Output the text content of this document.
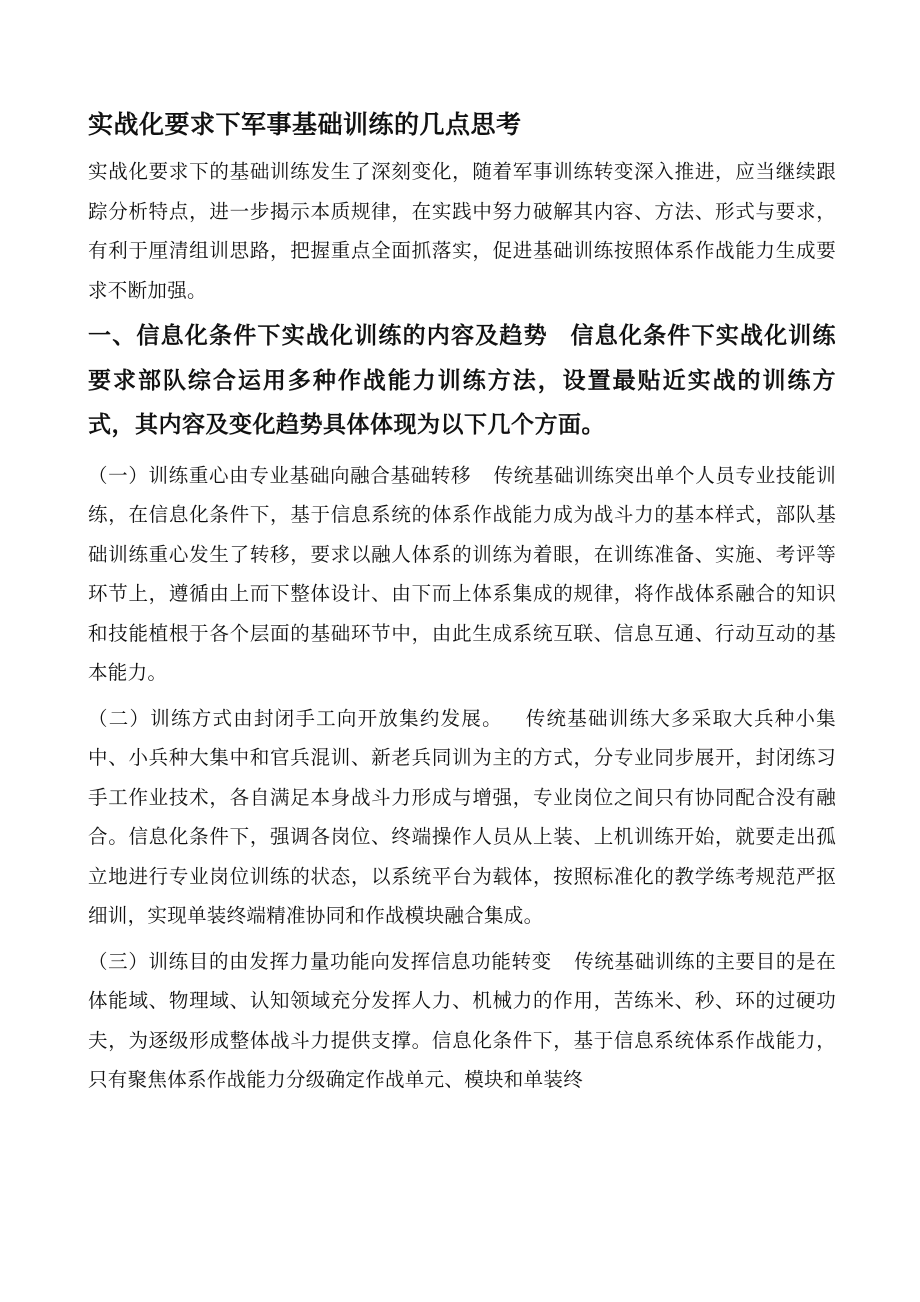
实战化要求下军事基础训练的几点思考

实战化要求下的基础训练发生了深刻变化，随着军事训练转变深入推进，应当继续跟踪分析特点，进一步揭示本质规律，在实践中努力破解其内容、方法、形式与要求，有利于厘清组训思路，把握重点全面抓落实，促进基础训练按照体系作战能力生成要求不断加强。

一、信息化条件下实战化训练的内容及趋势 信息化条件下实战化训练要求部队综合运用多种作战能力训练方法，设置最贴近实战的训练方式，其内容及变化趋势具体体现为以下几个方面。

（一）训练重心由专业基础向融合基础转移 传统基础训练突出单个人员专业技能训练，在信息化条件下，基于信息系统的体系作战能力成为战斗力的基本样式，部队基础训练重心发生了转移，要求以融人体系的训练为着眼，在训练准备、实施、考评等环节上，遵循由上而下整体设计、由下而上体系集成的规律，将作战体系融合的知识和技能植根于各个层面的基础环节中，由此生成系统互联、信息互通、行动互动的基本能力。

（二）训练方式由封闭手工向开放集约发展。 传统基础训练大多采取大兵种小集中、小兵种大集中和官兵混训、新老兵同训为主的方式，分专业同步展开，封闭练习手工作业技术，各自满足本身战斗力形成与增强，专业岗位之间只有协同配合没有融合。信息化条件下，强调各岗位、终端操作人员从上装、上机训练开始，就要走出孤立地进行专业岗位训练的状态，以系统平台为载体，按照标准化的教学练考规范严抠细训，实现单装终端精准协同和作战模块融合集成。

（三）训练目的由发挥力量功能向发挥信息功能转变 传统基础训练的主要目的是在体能域、物理域、认知领域充分发挥人力、机械力的作用，苦练米、秒、环的过硬功夫，为逐级形成整体战斗力提供支撑。信息化条件下，基于信息系统体系作战能力，只有聚焦体系作战能力分级确定作战单元、模块和单装终
